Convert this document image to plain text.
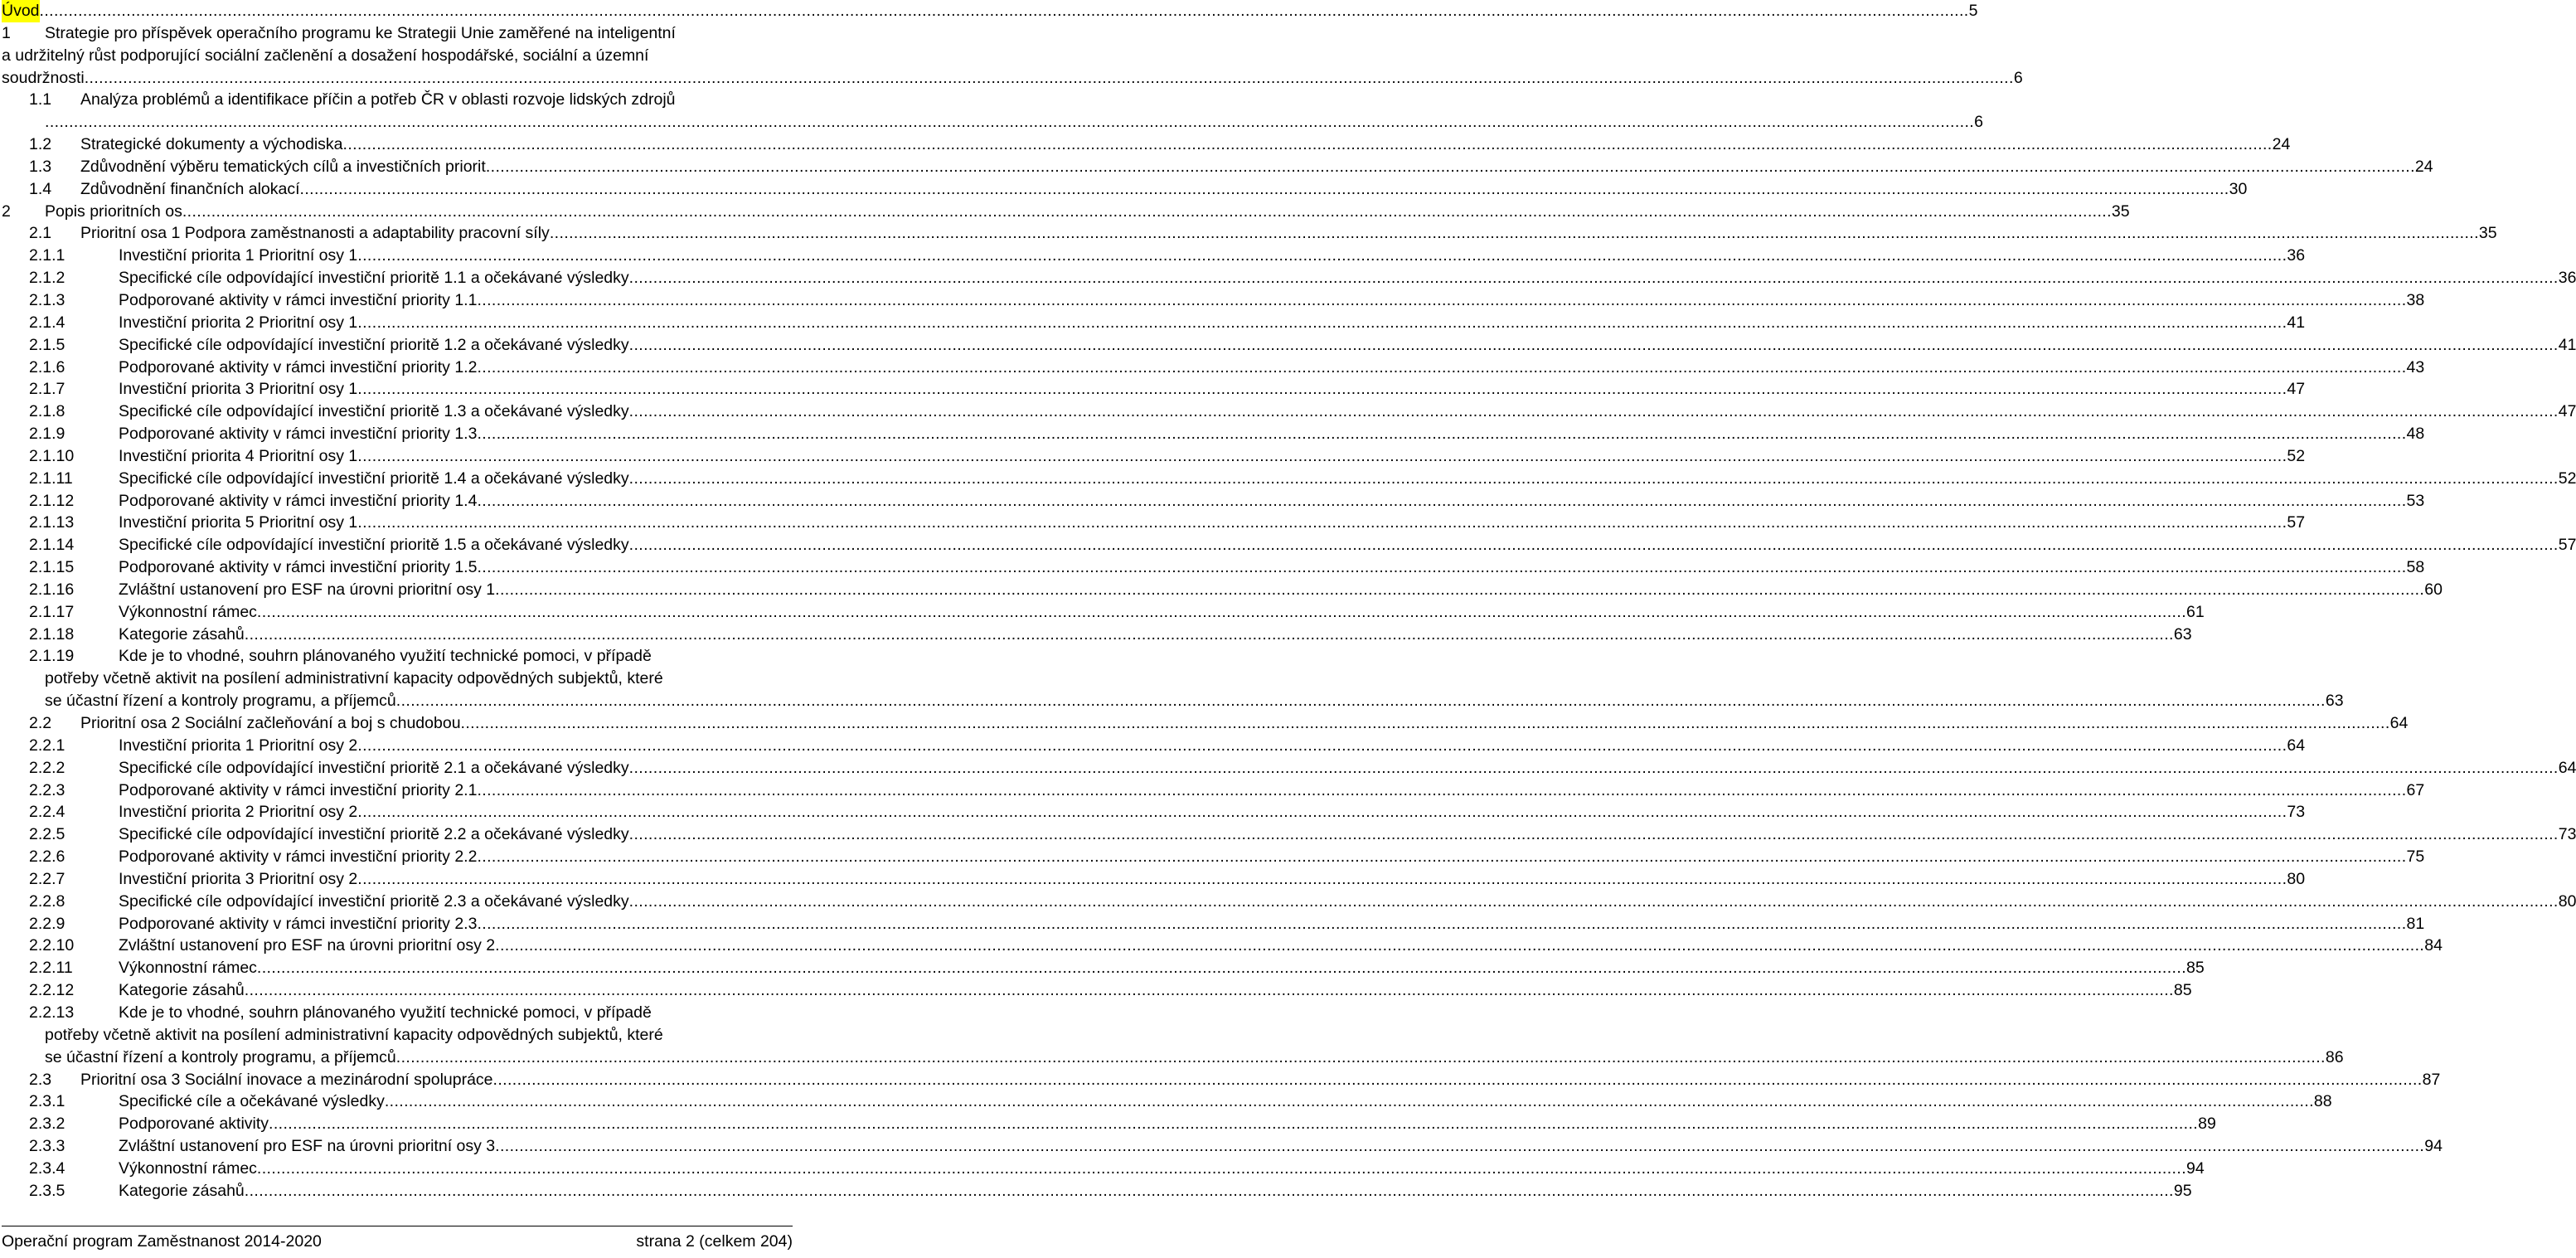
Úvod ................................................................................................................................................................................................................................................................................................................................................................................................................ 5
1 Strategie pro příspěvek operačního programu ke Strategii Unie zaměřené na inteligentní
a udržitelný růst podporující sociální začlenění a dosažení hospodářské, sociální a územní
soudržnosti ................................................................................................................................................................................................................................................................................................................................................................................................................ 6
1.1 Analýza problémů a identifikace příčin a potřeb ČR v oblasti rozvoje lidských zdrojů
................................................................................................................................................................................................................................................................................................................................................................................................................ 6
1.2 Strategické dokumenty a východiska ................................................................................................................................................................................................................................................................................................................................................................................................................ 24
1.3 Zdůvodnění výběru tematických cílů a investičních priorit ................................................................................................................................................................................................................................................................................................................................................................................................................ 24
1.4 Zdůvodnění finančních alokací ................................................................................................................................................................................................................................................................................................................................................................................................................ 30
2 Popis prioritních os ................................................................................................................................................................................................................................................................................................................................................................................................................ 35
2.1 Prioritní osa 1 Podpora zaměstnanosti a adaptability pracovní síly ................................................................................................................................................................................................................................................................................................................................................................................................................ 35
2.1.1	Investiční priorita 1 Prioritní osy 1 ................................................................................................................................................................................................................................................................................................................................................................................................................ 36
2.1.2	Specifické cíle odpovídající investiční prioritě 1.1 a očekávané výsledky ................................................................................................................................................................................................................................................................................................................................................................................................................ 36
2.1.3	Podporované aktivity v rámci investiční priority 1.1 ................................................................................................................................................................................................................................................................................................................................................................................................................ 38
2.1.4	Investiční priorita 2 Prioritní osy 1 ................................................................................................................................................................................................................................................................................................................................................................................................................ 41
2.1.5	Specifické cíle odpovídající investiční prioritě 1.2 a očekávané výsledky ................................................................................................................................................................................................................................................................................................................................................................................................................ 41
2.1.6	Podporované aktivity v rámci investiční priority 1.2 ................................................................................................................................................................................................................................................................................................................................................................................................................ 43
2.1.7	Investiční priorita 3 Prioritní osy 1 ................................................................................................................................................................................................................................................................................................................................................................................................................ 47
2.1.8	Specifické cíle odpovídající investiční prioritě 1.3 a očekávané výsledky ................................................................................................................................................................................................................................................................................................................................................................................................................ 47
2.1.9	Podporované aktivity v rámci investiční priority 1.3 ................................................................................................................................................................................................................................................................................................................................................................................................................ 48
2.1.10	Investiční priorita 4 Prioritní osy 1 ................................................................................................................................................................................................................................................................................................................................................................................................................ 52
2.1.11	Specifické cíle odpovídající investiční prioritě 1.4 a očekávané výsledky ................................................................................................................................................................................................................................................................................................................................................................................................................ 52
2.1.12	Podporované aktivity v rámci investiční priority 1.4 ................................................................................................................................................................................................................................................................................................................................................................................................................ 53
2.1.13	Investiční priorita 5 Prioritní osy 1 ................................................................................................................................................................................................................................................................................................................................................................................................................ 57
2.1.14	Specifické cíle odpovídající investiční prioritě 1.5 a očekávané výsledky ................................................................................................................................................................................................................................................................................................................................................................................................................ 57
2.1.15	Podporované aktivity v rámci investiční priority 1.5 ................................................................................................................................................................................................................................................................................................................................................................................................................ 58
2.1.16	Zvláštní ustanovení pro ESF na úrovni prioritní osy 1 ................................................................................................................................................................................................................................................................................................................................................................................................................ 60
2.1.17	Výkonnostní rámec ................................................................................................................................................................................................................................................................................................................................................................................................................ 61
2.1.18	Kategorie zásahů ................................................................................................................................................................................................................................................................................................................................................................................................................ 63
2.1.19	Kde je to vhodné, souhrn plánovaného využití technické pomoci, v případě
potřeby včetně aktivit na posílení administrativní kapacity odpovědných subjektů, které
se účastní řízení a kontroly programu, a příjemců ................................................................................................................................................................................................................................................................................................................................................................................................................ 63
2.2 Prioritní osa 2 Sociální začleňování a boj s chudobou ................................................................................................................................................................................................................................................................................................................................................................................................................ 64
2.2.1	Investiční priorita 1 Prioritní osy 2 ................................................................................................................................................................................................................................................................................................................................................................................................................ 64
2.2.2	Specifické cíle odpovídající investiční prioritě 2.1 a očekávané výsledky ................................................................................................................................................................................................................................................................................................................................................................................................................ 64
2.2.3	Podporované aktivity v rámci investiční priority 2.1 ................................................................................................................................................................................................................................................................................................................................................................................................................ 67
2.2.4	Investiční priorita 2 Prioritní osy 2 ................................................................................................................................................................................................................................................................................................................................................................................................................ 73
2.2.5	Specifické cíle odpovídající investiční prioritě 2.2 a očekávané výsledky ................................................................................................................................................................................................................................................................................................................................................................................................................ 73
2.2.6	Podporované aktivity v rámci investiční priority 2.2 ................................................................................................................................................................................................................................................................................................................................................................................................................ 75
2.2.7	Investiční priorita 3 Prioritní osy 2 ................................................................................................................................................................................................................................................................................................................................................................................................................ 80
2.2.8	Specifické cíle odpovídající investiční prioritě 2.3 a očekávané výsledky ................................................................................................................................................................................................................................................................................................................................................................................................................ 80
2.2.9	Podporované aktivity v rámci investiční priority 2.3 ................................................................................................................................................................................................................................................................................................................................................................................................................ 81
2.2.10	Zvláštní ustanovení pro ESF na úrovni prioritní osy 2 ................................................................................................................................................................................................................................................................................................................................................................................................................ 84
2.2.11	Výkonnostní rámec ................................................................................................................................................................................................................................................................................................................................................................................................................ 85
2.2.12	Kategorie zásahů ................................................................................................................................................................................................................................................................................................................................................................................................................ 85
2.2.13	Kde je to vhodné, souhrn plánovaného využití technické pomoci, v případě
potřeby včetně aktivit na posílení administrativní kapacity odpovědných subjektů, které
se účastní řízení a kontroly programu, a příjemců ................................................................................................................................................................................................................................................................................................................................................................................................................ 86
2.3 Prioritní osa 3 Sociální inovace a mezinárodní spolupráce ................................................................................................................................................................................................................................................................................................................................................................................................................ 87
2.3.1	Specifické cíle a očekávané výsledky ................................................................................................................................................................................................................................................................................................................................................................................................................ 88
2.3.2	Podporované aktivity ................................................................................................................................................................................................................................................................................................................................................................................................................ 89
2.3.3	Zvláštní ustanovení pro ESF na úrovni prioritní osy 3 ................................................................................................................................................................................................................................................................................................................................................................................................................ 94
2.3.4	Výkonnostní rámec ................................................................................................................................................................................................................................................................................................................................................................................................................ 94
2.3.5	Kategorie zásahů ................................................................................................................................................................................................................................................................................................................................................................................................................ 95
Operační program Zaměstnanost 2014-2020	strana 2 (celkem 204)
